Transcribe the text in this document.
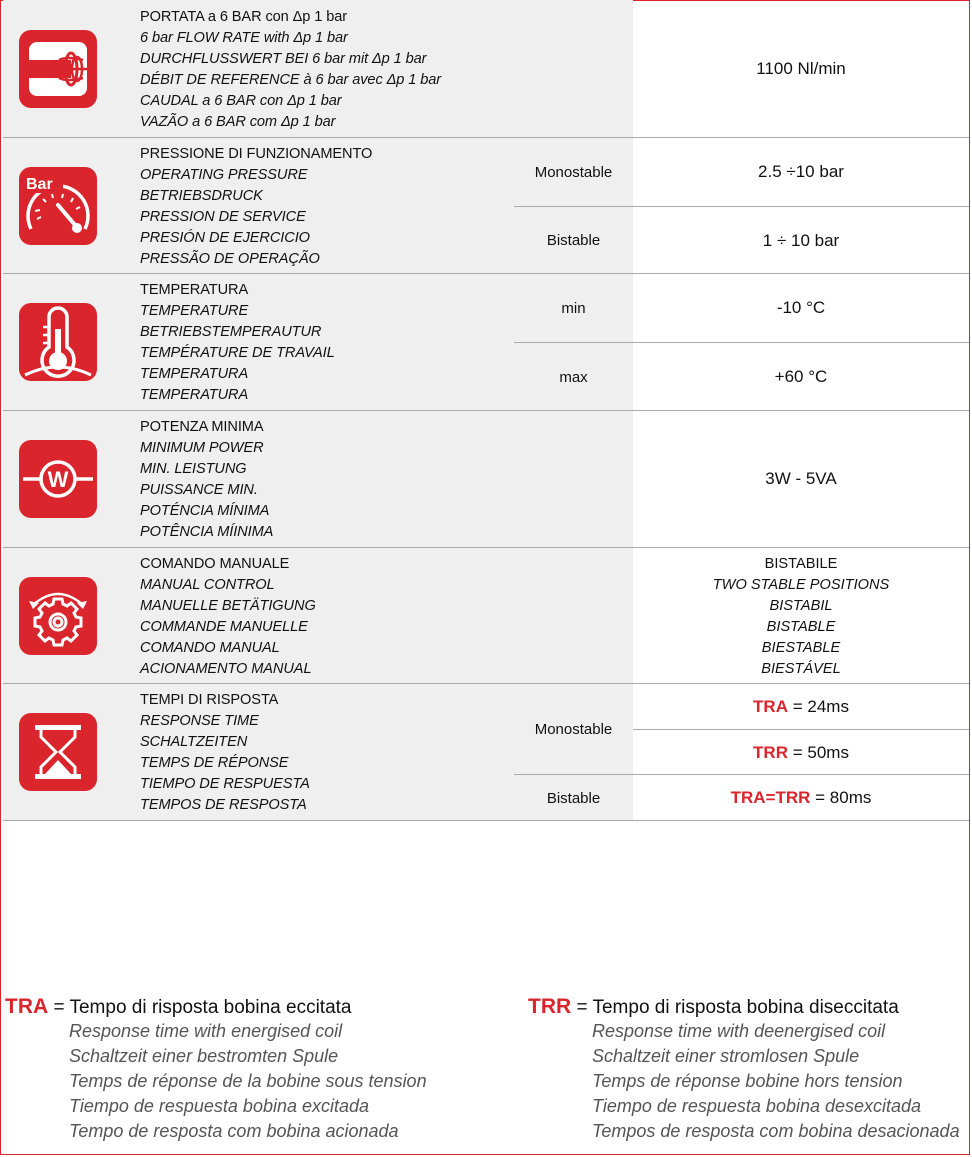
PORTATA a 6 BAR con Δp 1 bar
6 bar FLOW RATE with Δp 1 bar
DURCHFLUSSWERT BEI 6 bar mit Δp 1 bar
DÉBIT DE REFERENCE à 6 bar avec Δp 1 bar
CAUDAL a 6 BAR con Δp 1 bar
VAZÃO a 6 BAR com Δp 1 bar
1100 Nl/min
Bar
PRESSIONE DI FUNZIONAMENTO
OPERATING PRESSURE
BETRIEBSDRUCK
PRESSION DE SERVICE
PRESIÓN DE EJERCICIO
PRESSÃO DE OPERAÇÃO
Monostable
Bistable
2.5 ÷10 bar
1 ÷ 10 bar
TEMPERATURA
TEMPERATURE
BETRIEBSTEMPERAUTUR
TEMPÉRATURE DE TRAVAIL
TEMPERATURA
TEMPERATURA
min
max
-10 °C
+60 °C
W
POTENZA MINIMA
MINIMUM POWER
MIN. LEISTUNG
PUISSANCE MIN.
POTÉNCIA MÍNIMA
POTÊNCIA MÍINIMA
3W - 5VA
COMANDO MANUALE
MANUAL CONTROL
MANUELLE BETÄTIGUNG
COMMANDE MANUELLE
COMANDO MANUAL
ACIONAMENTO MANUAL
BISTABILE
TWO STABLE POSITIONS
BISTABIL
BISTABLE
BIESTABLE
BIESTÁVEL
TEMPI DI RISPOSTA
RESPONSE TIME
SCHALTZEITEN
TEMPS DE RÉPONSE
TIEMPO DE RESPUESTA
TEMPOS DE RESPOSTA
Monostable
Bistable
TRA
= 24ms
TRR
= 50ms
TRA=TRR
= 80ms
TRA = Tempo di risposta bobina eccitata
Response time with energised coil
Schaltzeit einer bestromten Spule
Temps de réponse de la bobine sous tension
Tiempo de respuesta bobina excitada
Tempo de resposta com bobina acionada
TRR = Tempo di risposta bobina diseccitata
Response time with deenergised coil
Schaltzeit einer stromlosen Spule
Temps de réponse bobine hors tension
Tiempo de respuesta bobina desexcitada
Tempos de resposta com bobina desacionada
